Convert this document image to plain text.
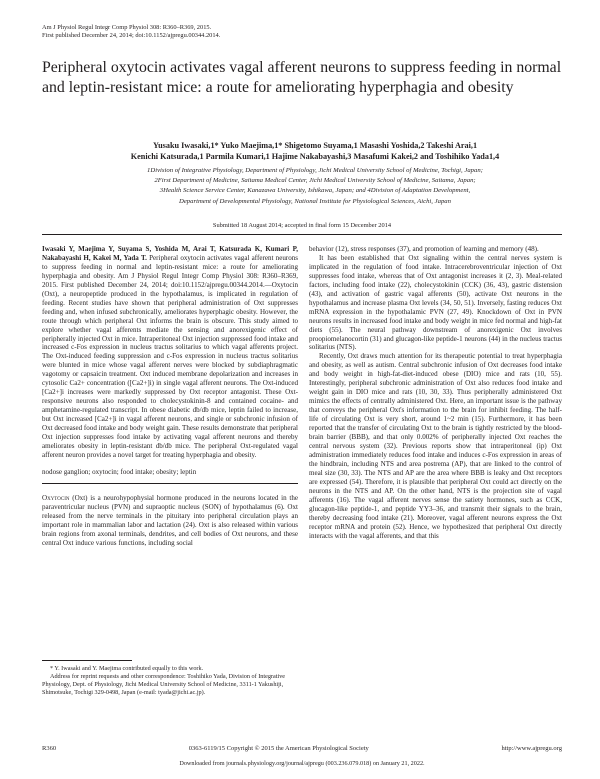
Am J Physiol Regul Integr Comp Physiol 308: R360–R369, 2015.
First published December 24, 2014; doi:10.1152/ajpregu.00344.2014.
Peripheral oxytocin activates vagal afferent neurons to suppress feeding in normal and leptin-resistant mice: a route for ameliorating hyperphagia and obesity
Yusaku Iwasaki,1* Yuko Maejima,1* Shigetomo Suyama,1 Masashi Yoshida,2 Takeshi Arai,1
Kenichi Katsurada,1 Parmila Kumari,1 Hajime Nakabayashi,3 Masafumi Kakei,2 and Toshihiko Yada1,4
1Division of Integrative Physiology, Department of Physiology, Jichi Medical University School of Medicine, Tochigi, Japan;
2First Department of Medicine, Saitama Medical Center, Jichi Medical University School of Medicine, Saitama, Japan;
3Health Science Service Center, Kanazawa University, Ishikawa, Japan; and 4Division of Adaptation Development,
Department of Developmental Physiology, National Institute for Physiological Sciences, Aichi, Japan
Submitted 18 August 2014; accepted in final form 15 December 2014

Iwasaki Y, Maejima Y, Suyama S, Yoshida M, Arai T, Katsurada K, Kumari P, Nakabayashi H, Kakei M, Yada T. Peripheral oxytocin activates vagal afferent neurons to suppress feeding in normal and leptin-resistant mice: a route for ameliorating hyperphagia and obesity. Am J Physiol Regul Integr Comp Physiol 308: R360–R369, 2015. First published December 24, 2014; doi:10.1152/ajpregu.00344.2014.—Oxytocin (Oxt), a neuropeptide produced in the hypothalamus, is implicated in regulation of feeding. Recent studies have shown that peripheral administration of Oxt suppresses feeding and, when infused subchronically, ameliorates hyperphagic obesity. However, the route through which peripheral Oxt informs the brain is obscure. This study aimed to explore whether vagal afferents mediate the sensing and anorexigenic effect of peripherally injected Oxt in mice. Intraperitoneal Oxt injection suppressed food intake and increased c-Fos expression in nucleus tractus solitarius to which vagal afferents project. The Oxt-induced feeding suppression and c-Fos expression in nucleus tractus solitarius were blunted in mice whose vagal afferent nerves were blocked by subdiaphragmatic vagotomy or capsaicin treatment. Oxt induced membrane depolarization and increases in cytosolic Ca2+ concentration ([Ca2+]i) in single vagal afferent neurons. The Oxt-induced [Ca2+]i increases were markedly suppressed by Oxt receptor antagonist. These Oxt-responsive neurons also responded to cholecystokinin-8 and contained cocaine- and amphetamine-regulated transcript. In obese diabetic db/db mice, leptin failed to increase, but Oxt increased [Ca2+]i in vagal afferent neurons, and single or subchronic infusion of Oxt decreased food intake and body weight gain. These results demonstrate that peripheral Oxt injection suppresses food intake by activating vagal afferent neurons and thereby ameliorates obesity in leptin-resistant db/db mice. The peripheral Oxt-regulated vagal afferent neuron provides a novel target for treating hyperphagia and obesity.

nodose ganglion; oxytocin; food intake; obesity; leptin

Oxytocin (Oxt) is a neurohypophysial hormone produced in the neurons located in the paraventricular nucleus (PVN) and supraoptic nucleus (SON) of hypothalamus (6). Oxt released from the nerve terminals in the pituitary into peripheral circulation plays an important role in mammalian labor and lactation (24). Oxt is also released within various brain regions from axonal terminals, dendrites, and cell bodies of Oxt neurons, and these central Oxt induce various functions, including social

behavior (12), stress responses (37), and promotion of learning and memory (48).

It has been established that Oxt signaling within the central nerves system is implicated in the regulation of food intake. Intracerebroventricular injection of Oxt suppresses food intake, whereas that of Oxt antagonist increases it (2, 3). Meal-related factors, including food intake (22), cholecystokinin (CCK) (36, 43), gastric distension (43), and activation of gastric vagal afferents (50), activate Oxt neurons in the hypothalamus and increase plasma Oxt levels (34, 50, 51). Inversely, fasting reduces Oxt mRNA expression in the hypothalamic PVN (27, 49). Knockdown of Oxt in PVN neurons results in increased food intake and body weight in mice fed normal and high-fat diets (55). The neural pathway downstream of anorexigenic Oxt involves proopiomelanocortin (31) and glucagon-like peptide-1 neurons (44) in the nucleus tractus solitarius (NTS).

Recently, Oxt draws much attention for its therapeutic potential to treat hyperphagia and obesity, as well as autism. Central subchronic infusion of Oxt decreases food intake and body weight in high-fat-diet-induced obese (DIO) mice and rats (10, 55). Interestingly, peripheral subchronic administration of Oxt also reduces food intake and weight gain in DIO mice and rats (10, 30, 33). Thus peripherally administered Oxt mimics the effects of centrally administered Oxt. Here, an important issue is the pathway that conveys the peripheral Oxt's information to the brain for inhibit feeding. The half-life of circulating Oxt is very short, around 1~2 min (15). Furthermore, it has been reported that the transfer of circulating Oxt to the brain is tightly restricted by the blood-brain barrier (BBB), and that only 0.002% of peripherally injected Oxt reaches the central nervous system (32). Previous reports show that intraperitoneal (ip) Oxt administration immediately reduces food intake and induces c-Fos expression in areas of the hindbrain, including NTS and area postrema (AP), that are linked to the control of meal size (30, 33). The NTS and AP are the area where BBB is leaky and Oxt receptors are expressed (54). Therefore, it is plausible that peripheral Oxt could act directly on the neurons in the NTS and AP. On the other hand, NTS is the projection site of vagal afferents (16). The vagal afferent nerves sense the satiety hormones, such as CCK, glucagon-like peptide-1, and peptide YY3–36, and transmit their signals to the brain, thereby decreasing food intake (21). Moreover, vagal afferent neurons express the Oxt receptor mRNA and protein (52). Hence, we hypothesized that peripheral Oxt directly interacts with the vagal afferents, and that this

* Y. Iwasaki and Y. Maejima contributed equally to this work.

Address for reprint requests and other correspondence: Toshihiko Yada, Division of Integrative Physiology, Dept. of Physiology, Jichi Medical University School of Medicine, 3311-1 Yakushiji, Shimotsuke, Tochigi 329-0498, Japan (e-mail: tyada@jichi.ac.jp).

R360	0363-6119/15 Copyright © 2015 the American Physiological Society	http://www.ajpregu.org
Downloaded from journals.physiology.org/journal/ajpregu (003.236.079.018) on January 21, 2022.
